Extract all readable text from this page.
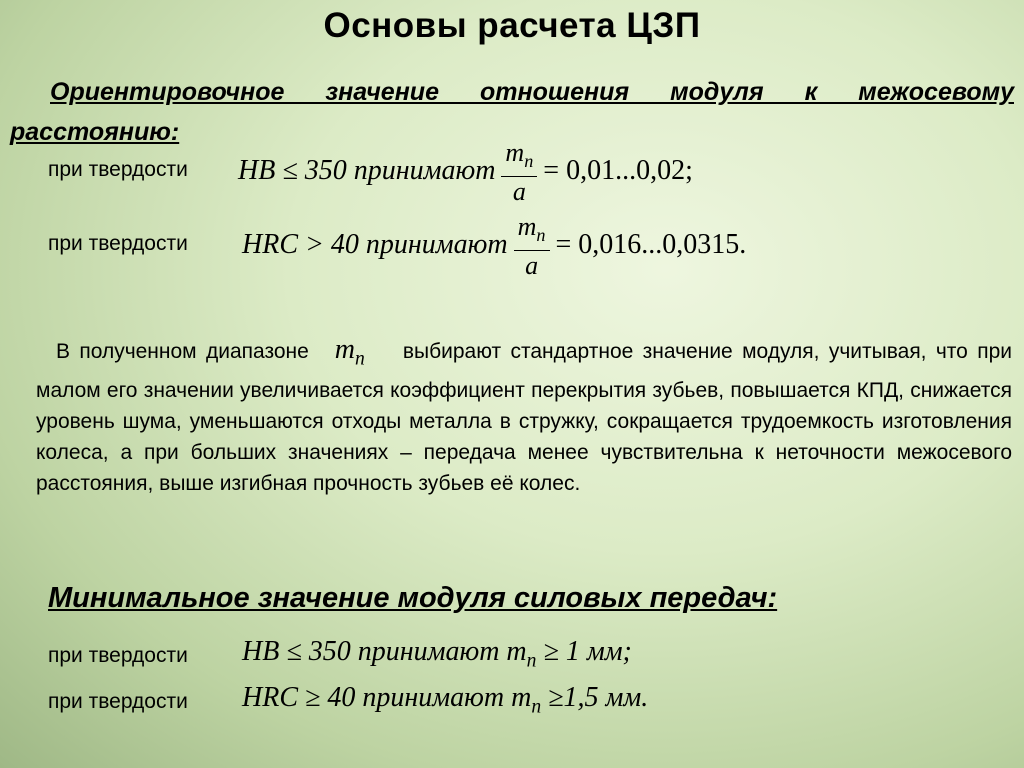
Основы расчета ЦЗП
Ориентировочное значение отношения модуля к межосевому расстоянию:
при твердости HB ≤ 350 принимают $\frac{m_n}{a} = 0,01...0,02$;
при твердости HRC > 40 принимают $\frac{m_n}{a} = 0,016...0,0315$.
В полученном диапазоне $m_n$ выбирают стандартное значение модуля, учитывая, что при малом его значении увеличивается коэффициент перекрытия зубьев, повышается КПД, снижается уровень шума, уменьшаются отходы металла в стружку, сокращается трудоемкость изготовления колеса, а при больших значениях – передача менее чувствительна к неточности межосевого расстояния, выше изгибная прочность зубьев её колес.
Минимальное значение модуля силовых передач:
при твердости HB ≤ 350 принимают $m_n \ge 1$ мм;
при твердости HRC ≥ 40 принимают $m_n \ge 1,5$ мм.
